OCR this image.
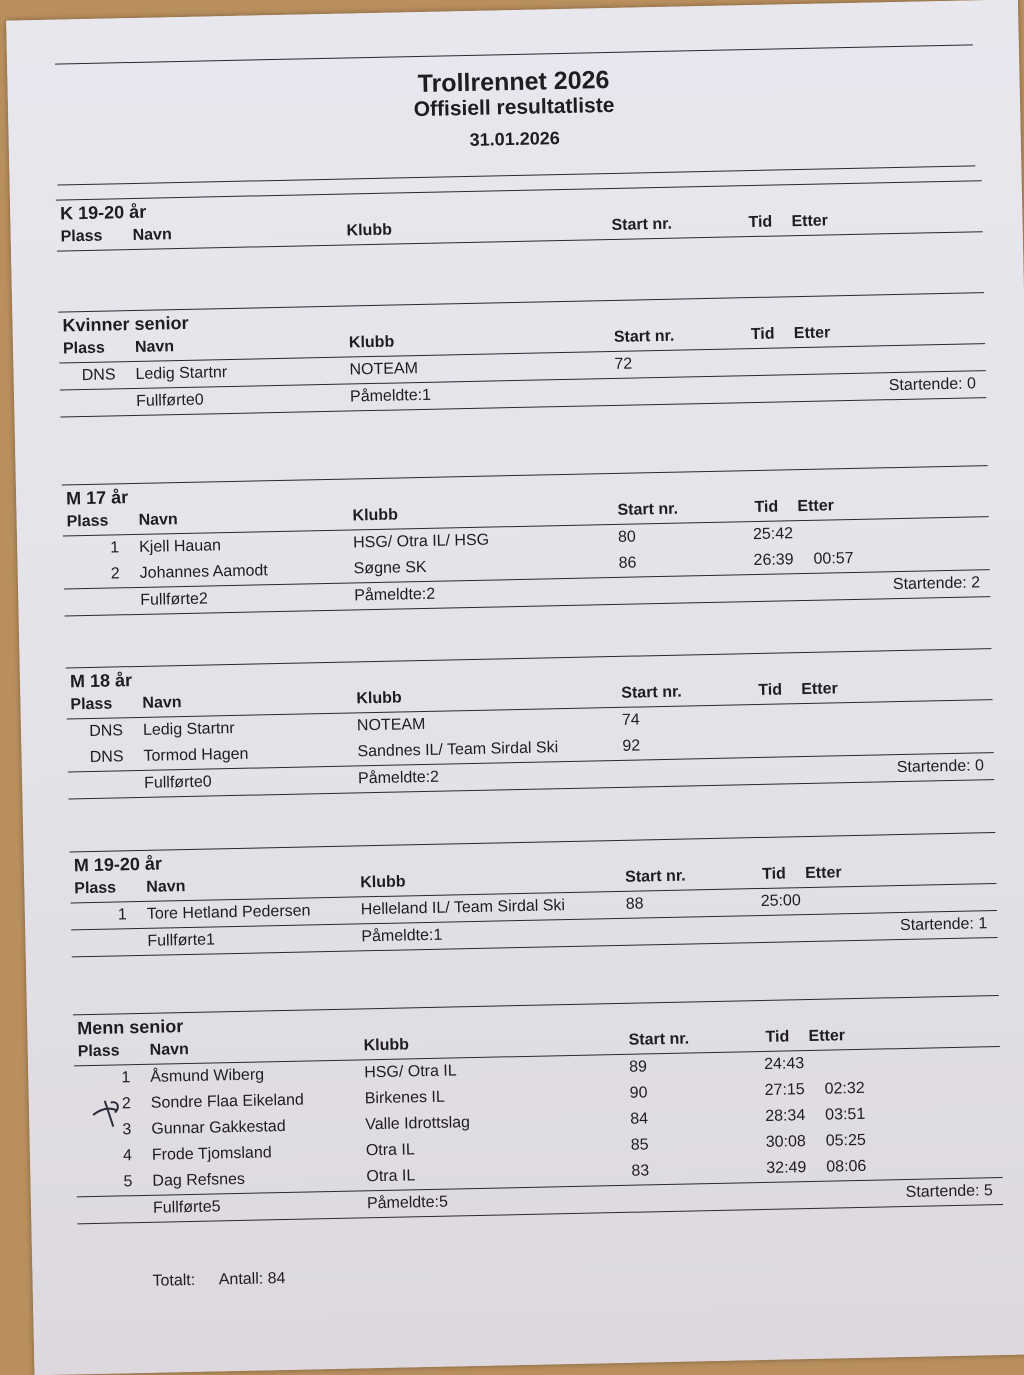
Trollrennet 2026
Offisiell resultatliste
31.01.2026
K 19-20 år
Plass Navn	Klubb	Start nr.	Tid Etter
Kvinner senior
Plass Navn	Klubb	Start nr.	Tid Etter
DNS Ledig Startnr	NOTEAM	72
Fullførte0	Påmeldte:1
Startende: 0
M 17 år
Plass Navn	Klubb	Start nr.	Tid Etter
1 Kjell Hauan	HSG/ Otra IL/ HSG	80	25:42
2 Johannes Aamodt	Søgne SK	86	26:39 00:57
Fullførte2	Påmeldte:2
Startende: 2
M 18 år
Plass Navn	Klubb	Start nr.	Tid Etter
DNS Ledig Startnr	NOTEAM	74
DNS Tormod Hagen	Sandnes IL/ Team Sirdal Ski	92
Fullførte0	Påmeldte:2
Startende: 0
M 19-20 år
Plass Navn	Klubb	Start nr.	Tid Etter
1 Tore Hetland Pedersen	Helleland IL/ Team Sirdal Ski	88	25:00
Fullførte1	Påmeldte:1
Startende: 1
Menn senior
Plass Navn	Klubb	Start nr.	Tid Etter
1 Åsmund Wiberg	HSG/ Otra IL	89	24:43
2 Sondre Flaa Eikeland	Birkenes IL	90	27:15 02:32
3 Gunnar Gakkestad	Valle Idrottslag	84	28:34 03:51
4 Frode Tjomsland	Otra IL	85	30:08 05:25
5 Dag Refsnes	Otra IL	83	32:49 08:06
Fullførte5	Påmeldte:5
Startende: 5
Totalt: Antall: 84
